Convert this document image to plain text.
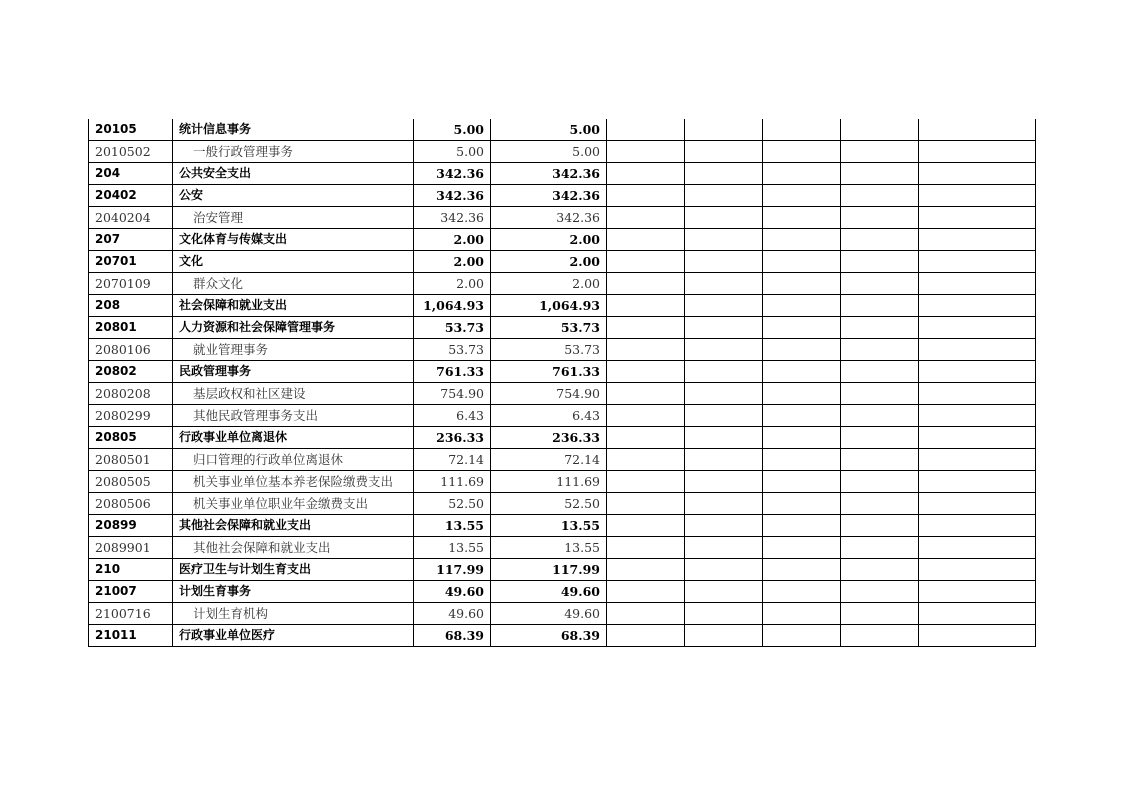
20105	统计信息事务	5.00	5.00					
2010502	一般行政管理事务	5.00	5.00					
204	公共安全支出	342.36	342.36					
20402	公安	342.36	342.36					
2040204	治安管理	342.36	342.36					
207	文化体育与传媒支出	2.00	2.00					
20701	文化	2.00	2.00					
2070109	群众文化	2.00	2.00					
208	社会保障和就业支出	1,064.93	1,064.93					
20801	人力资源和社会保障管理事务	53.73	53.73					
2080106	就业管理事务	53.73	53.73					
20802	民政管理事务	761.33	761.33					
2080208	基层政权和社区建设	754.90	754.90					
2080299	其他民政管理事务支出	6.43	6.43					
20805	行政事业单位离退休	236.33	236.33					
2080501	归口管理的行政单位离退休	72.14	72.14					
2080505	机关事业单位基本养老保险缴费支出	111.69	111.69					
2080506	机关事业单位职业年金缴费支出	52.50	52.50					
20899	其他社会保障和就业支出	13.55	13.55					
2089901	其他社会保障和就业支出	13.55	13.55					
210	医疗卫生与计划生育支出	117.99	117.99					
21007	计划生育事务	49.60	49.60					
2100716	计划生育机构	49.60	49.60					
21011	行政事业单位医疗	68.39	68.39					
